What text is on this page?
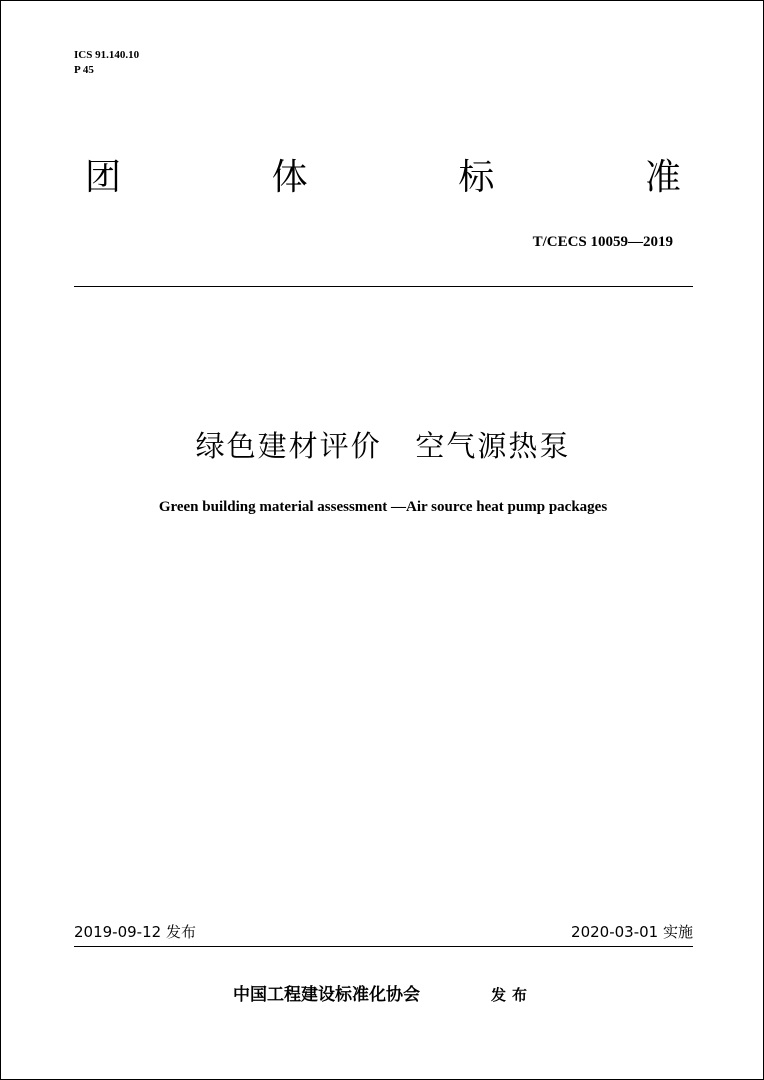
ICS 91.140.10
P 45
团	体	标	准
T/CECS 10059—2019
绿色建材评价   空气源热泵
Green building material assessment —Air source heat pump packages
2019-09-12 发布	2020-03-01 实施
中国工程建设标准化协会	发布
